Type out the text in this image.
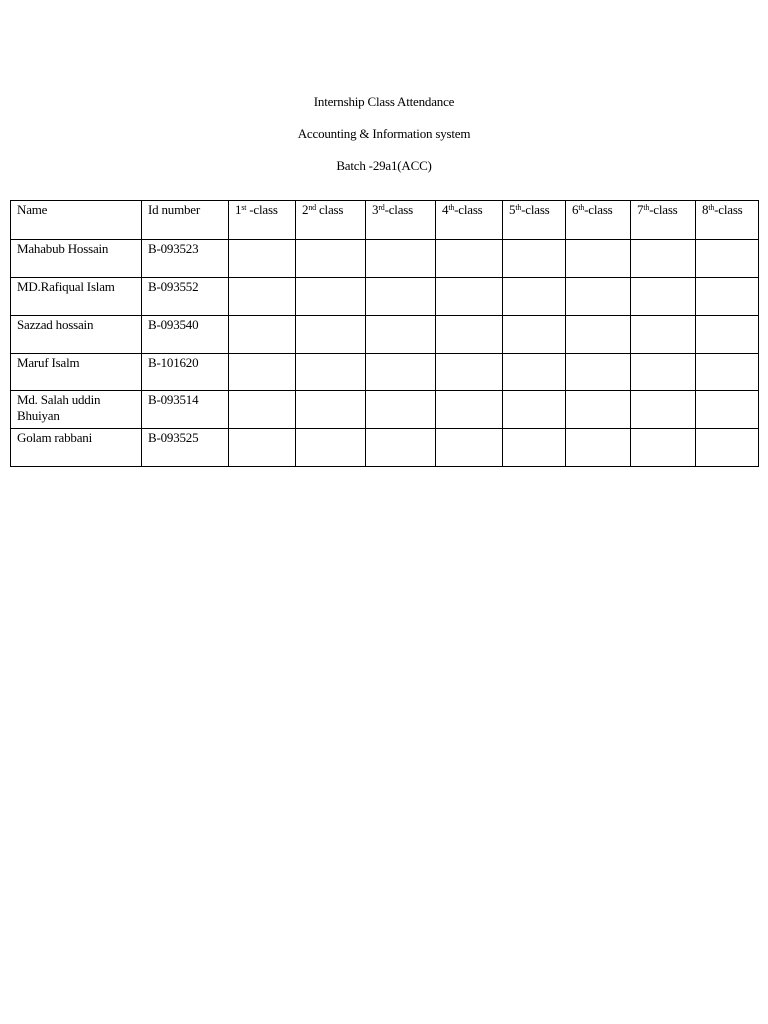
Internship Class Attendance
Accounting & Information system
Batch -29a1(ACC)
Name	Id number	1st -class	2nd class	3rd-class	4th-class	5th-class	6th-class	7th-class	8th-class
Mahabub Hossain	B-093523								
MD.Rafiqual Islam	B-093552								
Sazzad hossain	B-093540								
Maruf Isalm	B-101620								
Md. Salah uddin Bhuiyan	B-093514								
Golam rabbani	B-093525								
